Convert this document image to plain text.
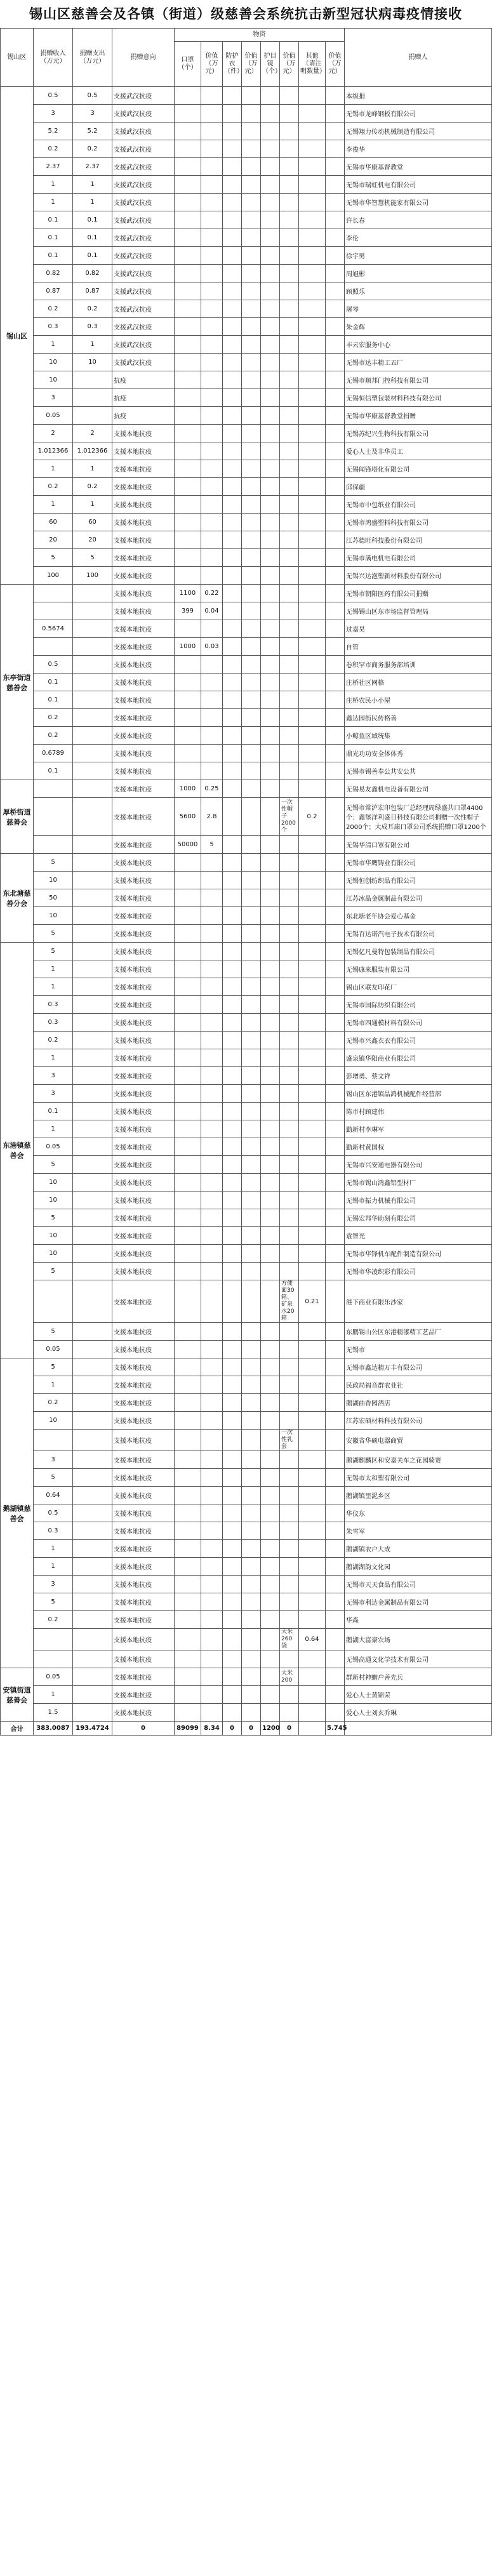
锡山区慈善会及各镇（街道）级慈善会系统抗击新型冠状病毒疫情接收
锡山区	捐赠收入（万元）	捐赠支出（万元）	捐赠意向	物资								捐赠人
				口罩（个）	价值（万元）	防护衣（件）	价值（万元）	护目镜（个）	价值（万元）	其他（请注明数量）	价值（万元）	
锡山区	0.5	0.5	支援武汉抗疫									本级捐
	3	3	支援武汉抗疫									无锡市龙峰钢板有限公司
	5.2	5.2	支援武汉抗疫									无锡翔力传动机械制造有限公司
	0.2	0.2	支援武汉抗疫									李俊华
	2.37	2.37	支援武汉抗疫									无锡市华康基督教堂
	1	1	支援武汉抗疫									无锡市瑞虹机电有限公司
	1	1	支援武汉抗疫									无锡市华智慧机能家有限公司
	0.1	0.1	支援武汉抗疫									许长春
	0.1	0.1	支援武汉抗疫									李伦
	0.1	0.1	支援武汉抗疫									徐宇男
	0.82	0.82	支援武汉抗疫									周旭彬
	0.87	0.87	支援武汉抗疫									顾照乐
	0.2	0.2	支援武汉抗疫									屠琴
	0.3	0.3	支援武汉抗疫									朱金辉
	1	1	支援武汉抗疫									丰云宏服务中心
	10	10	支援武汉抗疫									无锡市达丰精工五厂
	10		抗疫									无锡市顺邦门控科技有限公司
	3		抗疫									无锡恒信塑包装材料科技有限公司
	0.05		抗疫									无锡市华康基督教堂捐赠
	2	2	支援本地抗疫									无锡苏纪兴生物科技有限公司
	1.012366	1.012366	支援本地抗疫									爱心人士及非华员工
	1	1	支援本地抗疫									无锡闻锋塔化有限公司
	0.2	0.2	支援本地抗疫									邱保疆
	1	1	支援本地抗疫									无锡市中包纸业有限公司
	60	60	支援本地抗疫									无锡市鸿盛塑料科技有限公司
	20	20	支援本地抗疫									江苏德旺科技股份有限公司
	5	5	支援本地抗疫									无锡市满电机电有限公司
	100	100	支援本地抗疫									无锡兴达泡塑新材料股份有限公司
东亭街道慈善会			支援本地抗疫	1100	0.22							无锡市朝阳医药有限公司捐赠
			支援本地抗疫	399	0.04							无锡锡山区东市场监督管理局
	0.5674		支援本地抗疫									过嘉昊
			支援本地抗疫	1000	0.03							自管
	0.5		支援本地抗疫									卷积罕市商务服务部培训
	0.1		支援本地抗疫									庄桥社区网格
	0.1		支援本地抗疫									庄桥农民小小屋
	0.2		支援本地抗疫									鑫达园街民传格善
	0.2		支援本地抗疫									小鲸鱼区域统集
	0.6789		支援本地抗疫									鼎光功功安全体体秀
	0.1		支援本地抗疫									无锡市锡善奉公共安公共
厚桥街道慈善会			支援本地抗疫	1000	0.25							无锡易友鑫机电设备有限公司
			支援本地抗疫	5600	2.8				一次性帽子2000个	0.2		无锡市常沪宏印包装厂总经理周绿盛共口罩4400个；鑫堡洋利盛目科技有限公司捐赠一次性帽子2000个；大成耳康口罩公司系统捐赠口罩1200个
			支援本地抗疫	50000	5							无锡华清口罩有限公司
东北塘慈善分会	5		支援本地抗疫									无锡市华鹰铸业有限公司
	10		支援本地抗疫									无锡恒创纺织品有限公司
	50		支援本地抗疫									江苏冰晶金属制品有限公司
	10		支援本地抗疫									东北塘老年协会爱心基金
	5		支援本地抗疫									无锡百达诺汽电子技术有限公司
东港镇慈善会	5		支援本地抗疫									无锡亿凡曼特包装制品有限公司
	1		支援本地抗疫									无锡康来服装有限公司
	1		支援本地抗疫									锡山区联友印花厂
	0.3		支援本地抗疫									无锡市国际纺织有限公司
	0.3		支援本地抗疫									无锡市四通模材料有限公司
	0.2		支援本地抗疫									无锡市兴鑫衣衣有限公司
	1		支援本地抗疫									盛泉镇华阳商业有限公司
	3		支援本地抗疫									彭增勇、蔡文祥
	3		支援本地抗疫									锡山区东港镇晶鸿机械配件经营部
	0.1		支援本地抗疫									陈市村顾建伟
	1		支援本地抗疫									勤新村李琳军
	0.05		支援本地抗疫									勤新村黄国权
	5		支援本地抗疫									无锡市兴安通电器有限公司
	10		支援本地抗疫									无锡市锡山鸿鑫铝型材厂
	10		支援本地抗疫									无锡市振力机械有限公司
	5		支援本地抗疫									无锡宏邦华助刻有限公司
	10		支援本地抗疫									袁智光
	10		支援本地抗疫									无锡市华锋机车配件制造有限公司
	5		支援本地抗疫									无锡市华凌织彩有限公司
			支援本地抗疫						方便面30箱、矿泉水20箱	0.21		港下商业有限乐沙家
	5		支援本地抗疫									东鹏锡山公区东港精漆精工艺品厂
	0.05		支援本地抗疫									无锡市
鹅湖镇慈善会	5		支援本地抗疫									无锡市鑫达精万丰有限公司
	1		支援本地抗疫									民政局福音群农业社
	0.2		支援本地抗疫									鹅湖曲香园酒店
	10		支援本地抗疫									江苏宏硕材料科技有限公司
			支援本地抗疫						一次性乳套			安徽省华硕电器商贸
	3		支援本地抗疫									鹅湖麒麟区和安嘉关车之花园骑赛
	5		支援本地抗疫									无锡市太和塑有限公司
	0.64		支援本地抗疫									鹅湖镇里泥乡区
	0.5		支援本地抗疫									华仪东
	0.3		支援本地抗疫									朱雪军
	1		支援本地抗疫									鹅湖镇农户大成
	1		支援本地抗疫									鹅湖湖韵文化园
	3		支援本地抗疫									无锡市天天食品有限公司
	5		支援本地抗疫									无锡市利达金属制品有限公司
	0.2		支援本地抗疫									华森
			支援本地抗疫						大米260袋	0.64		鹅湖大富豪农场
			支援本地抗疫									无锡高通文化学技术有限公司
安镇街道慈善会	0.05		支援本地抗疫						大米200			群新村神蟾户善先兵
	1		支援本地抗疫									爱心人士黄锦荣
	1.5		支援本地抗疫									爱心人士刘玄乔琳
合计	383.0087	193.4724	0	89099	8.34	0	0	1200	0		5.745	
